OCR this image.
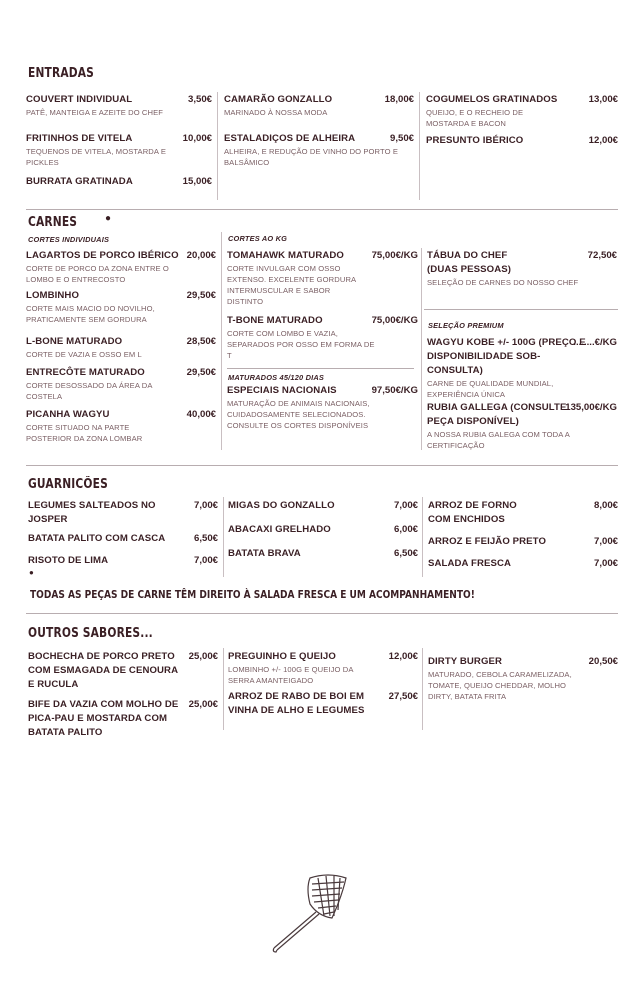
ENTRADAS
COUVERT INDIVIDUAL	3,50€
PATÊ, MANTEIGA E AZEITE DO CHEF
FRITINHOS DE VITELA	10,00€
TEQUENOS DE VITELA, MOSTARDA E PICKLES
BURRATA GRATINADA	15,00€
CAMARÃO GONZALLO	18,00€
MARINADO À NOSSA MODA
ESTALADIÇOS DE ALHEIRA	9,50€
ALHEIRA, E REDUÇÃO DE VINHO DO PORTO E BALSÂMICO
COGUMELOS GRATINADOS	13,00€
QUEIJO, E O RECHEIO DE MOSTARDA E BACON
PRESUNTO IBÉRICO	12,00€
CARNES	●
CORTES INDIVIDUAIS	CORTES AO KG
LAGARTOS DE PORCO IBÉRICO 20,00€
CORTE DE PORCO DA ZONA ENTRE O LOMBO E O ENTRECOSTO
LOMBINHO	29,50€
CORTE MAIS MACIO DO NOVILHO, PRATICAMENTE SEM GORDURA
L-BONE MATURADO	28,50€
CORTE DE VAZIA E OSSO EM L
ENTRECÔTE MATURADO	29,50€
CORTE DESOSSADO DA ÁREA DA COSTELA
PICANHA WAGYU	40,00€
CORTE SITUADO NA PARTE POSTERIOR DA ZONA LOMBAR
TOMAHAWK MATURADO	75,00€/KG
CORTE INVULGAR COM OSSO EXTENSO. EXCELENTE GORDURA INTERMUSCULAR E SABOR DISTINTO
T-BONE MATURADO	75,00€/KG
CORTE COM LOMBO E VAZIA, SEPARADOS POR OSSO EM FORMA DE T
MATURADOS 45/120 DIAS
ESPECIAIS NACIONAIS	97,50€/KG
MATURAÇÃO DE ANIMAIS NACIONAIS, CUIDADOSAMENTE SELECIONADOS. CONSULTE OS CORTES DISPONÍVEIS
TÁBUA DO CHEF (DUAS PESSOAS)
72,50€
SELEÇÃO DE CARNES DO NOSSO CHEF
SELEÇÃO PREMIUM
WAGYU KOBE +/- 100G (PREÇO E DISPONIBILIDADE SOB-CONSULTA)
........€/KG
CARNE DE QUALIDADE MUNDIAL, EXPERIÊNCIA ÚNICA
RUBIA GALLEGA (CONSULTE PEÇA DISPONÍVEL)
135,00€/KG
A NOSSA RUBIA GALEGA COM TODA A CERTIFICAÇÃO
GUARNICÕES
LEGUMES SALTEADOS NO JOSPER
7,00€
BATATA PALITO COM CASCA	6,50€
RISOTO DE LIMA	7,00€
●
MIGAS DO GONZALLO	7,00€
ABACAXI GRELHADO	6,00€
BATATA BRAVA	6,50€
ARROZ DE FORNO COM ENCHIDOS
8,00€
ARROZ E FEIJÃO PRETO	7,00€
SALADA FRESCA	7,00€
TODAS AS PEÇAS DE CARNE TÊM DIREITO À SALADA FRESCA E UM ACOMPANHAMENTO!
OUTROS SABORES...
BOCHECHA DE PORCO PRETO COM ESMAGADA DE CENOURA E RUCULA
25,00€
BIFE DA VAZIA COM MOLHO DE PICA-PAU E MOSTARDA COM BATATA PALITO
25,00€
PREGUINHO E QUEIJO	12,00€
LOMBINHO +/- 100G E QUEIJO DA SERRA AMANTEIGADO
ARROZ DE RABO DE BOI EM VINHA DE ALHO E LEGUMES
27,50€
DIRTY BURGER	20,50€
MATURADO, CEBOLA CARAMELIZADA, TOMATE, QUEIJO CHEDDAR, MOLHO DIRTY, BATATA FRITA
